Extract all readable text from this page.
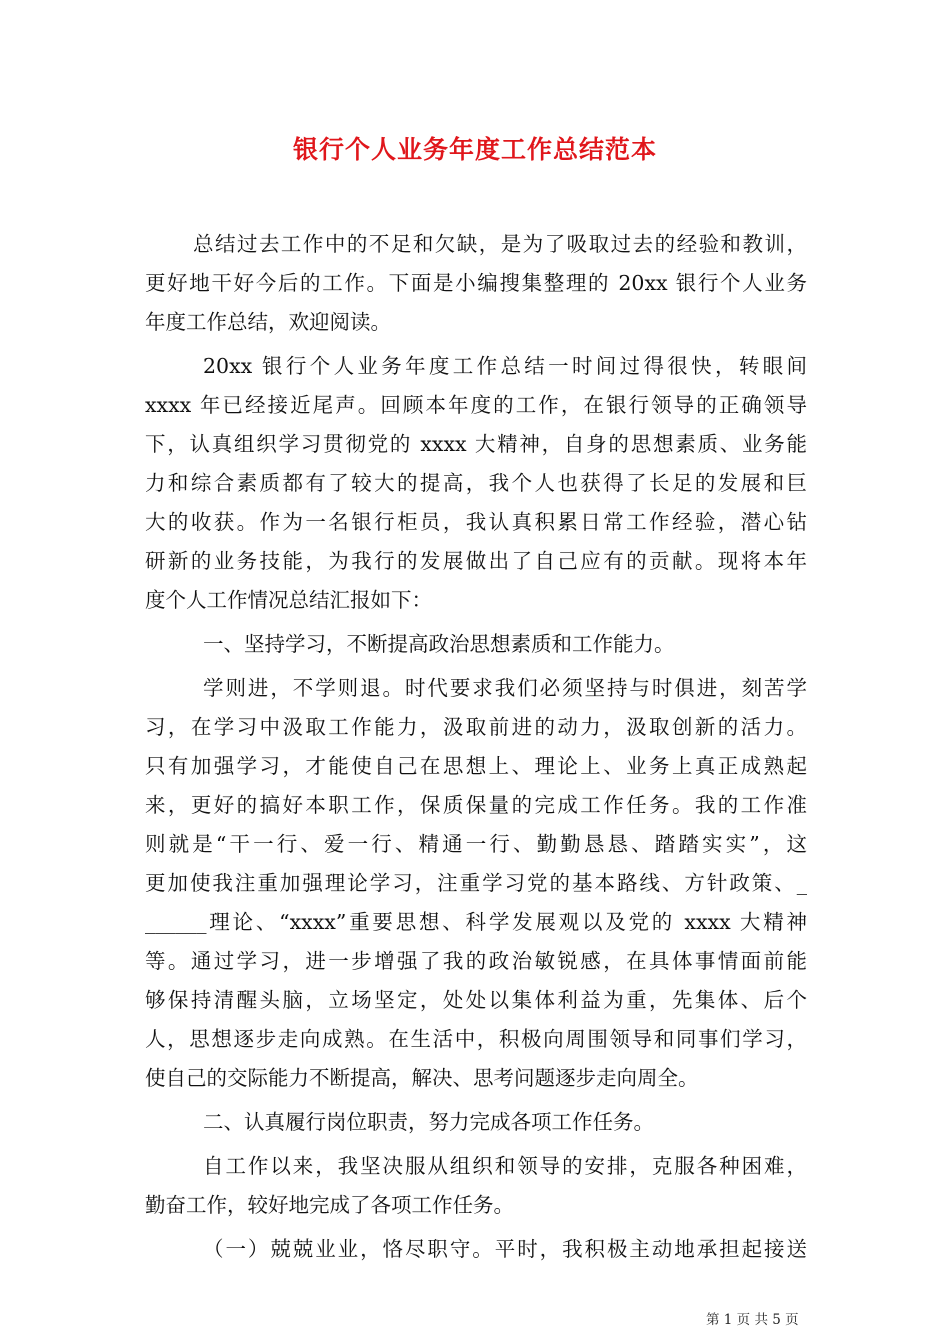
银行个人业务年度工作总结范本
总结过去工作中的不足和欠缺，是为了吸取过去的经验和教训，
更好地干好今后的工作。下面是小编搜集整理的 20xx 银行个人业务
年度工作总结，欢迎阅读。
20xx 银行个人业务年度工作总结一时间过得很快，转眼间
xxxx 年已经接近尾声。回顾本年度的工作，在银行领导的正确领导
下，认真组织学习贯彻党的 xxxx 大精神，自身的思想素质、业务能
力和综合素质都有了较大的提高，我个人也获得了长足的发展和巨
大的收获。作为一名银行柜员，我认真积累日常工作经验，潜心钻
研新的业务技能，为我行的发展做出了自己应有的贡献。现将本年
度个人工作情况总结汇报如下：
一、坚持学习，不断提高政治思想素质和工作能力。
学则进，不学则退。时代要求我们必须坚持与时俱进，刻苦学
习，在学习中汲取工作能力，汲取前进的动力，汲取创新的活力。
只有加强学习，才能使自己在思想上、理论上、业务上真正成熟起
来，更好的搞好本职工作，保质保量的完成工作任务。我的工作准
则就是“干一行、爱一行、精通一行、勤勤恳恳、踏踏实实”，这
更加使我注重加强理论学习，注重学习党的基本路线、方针政策、_
______理论、“xxxx”重要思想、科学发展观以及党的 xxxx 大精神
等。通过学习，进一步增强了我的政治敏锐感，在具体事情面前能
够保持清醒头脑，立场坚定，处处以集体利益为重，先集体、后个
人，思想逐步走向成熟。在生活中，积极向周围领导和同事们学习，
使自己的交际能力不断提高，解决、思考问题逐步走向周全。
二、认真履行岗位职责，努力完成各项工作任务。
自工作以来，我坚决服从组织和领导的安排，克服各种困难，
勤奋工作，较好地完成了各项工作任务。
（一）兢兢业业，恪尽职守。平时，我积极主动地承担起接送
第 1 页 共 5 页
